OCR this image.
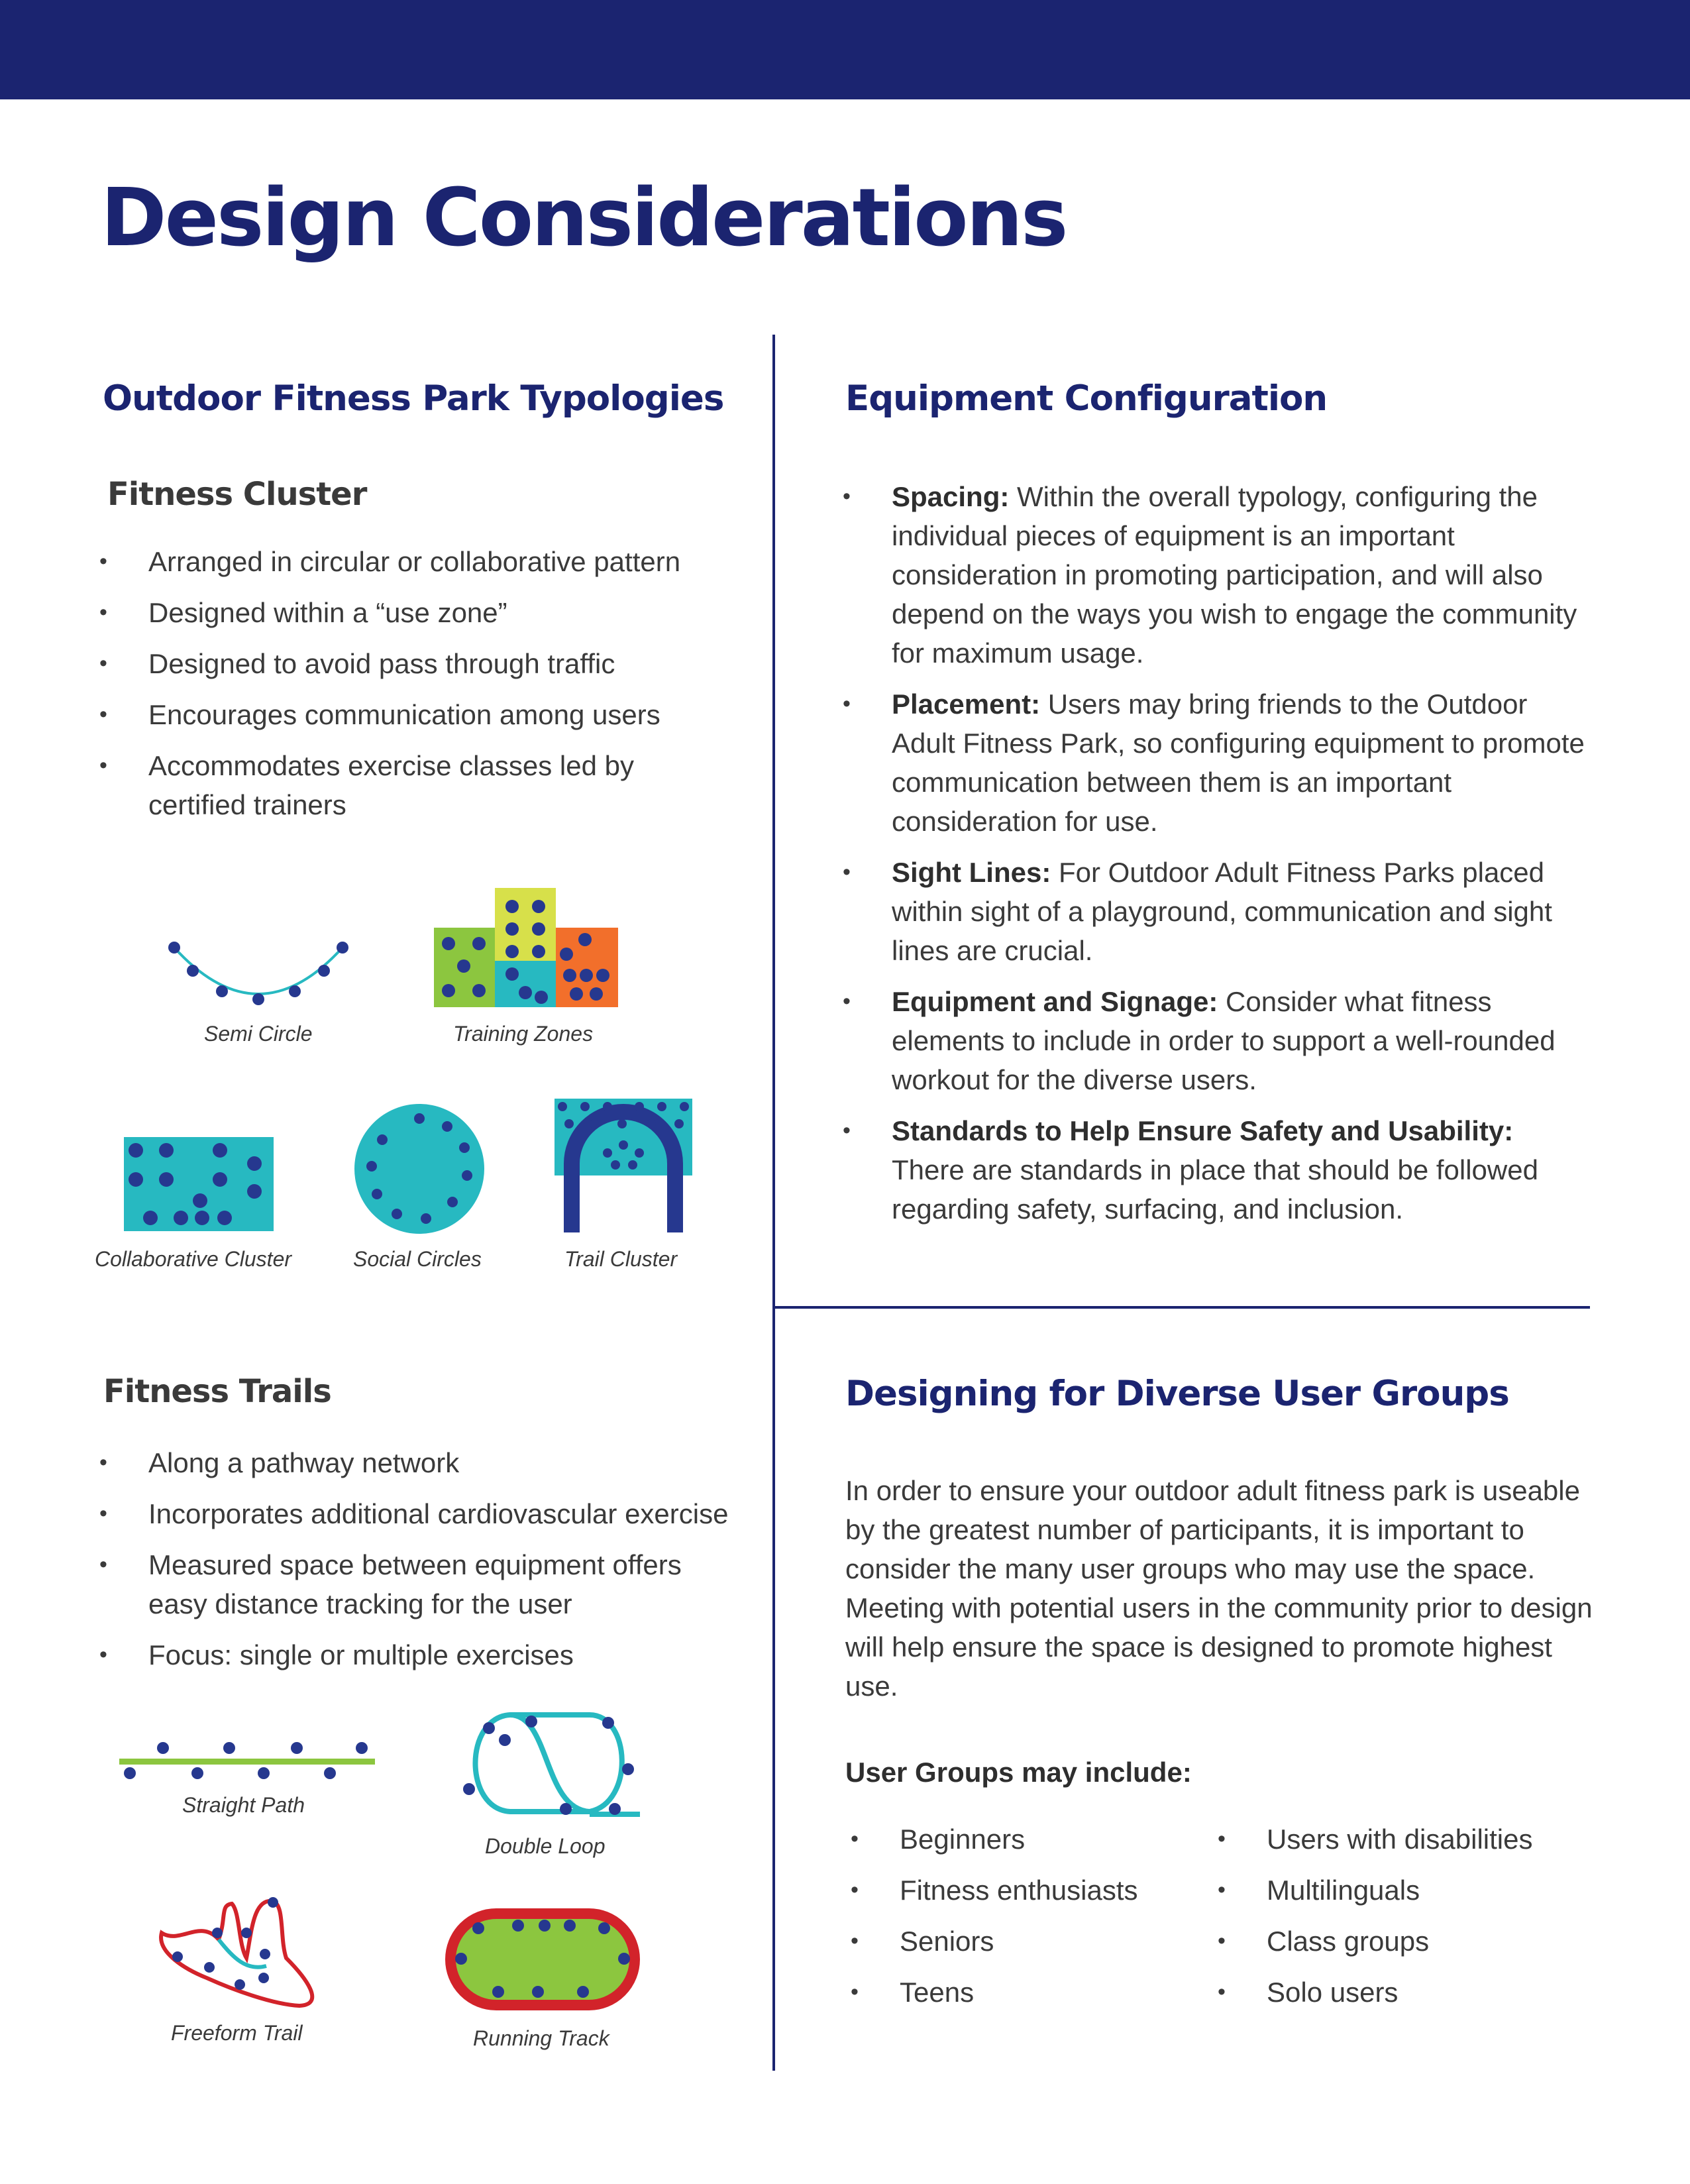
Design Considerations
Outdoor Fitness Park Typologies
Fitness Cluster
• Arranged in circular or collaborative pattern
• Designed within a “use zone”
• Designed to avoid pass through traffic
• Encourages communication among users
• Accommodates exercise classes led by certified trainers

Semi Circle	Training Zones

Collaborative Cluster	Social Circles	Trail Cluster

Fitness Trails
• Along a pathway network
• Incorporates additional cardiovascular exercise
• Measured space between equipment offers easy distance tracking for the user
• Focus: single or multiple exercises

Straight Path

Double Loop

Freeform Trail	Running Track

Equipment Configuration
• Spacing: Within the overall typology, configuring the individual pieces of equipment is an important consideration in promoting participation, and will also depend on the ways you wish to engage the community for maximum usage.
• Placement: Users may bring friends to the Outdoor Adult Fitness Park, so configuring equipment to promote communication between them is an important consideration for use.
• Sight Lines: For Outdoor Adult Fitness Parks placed within sight of a playground, communication and sight lines are crucial.
• Equipment and Signage: Consider what fitness elements to include in order to support a well-rounded workout for the diverse users.
• Standards to Help Ensure Safety and Usability: There are standards in place that should be followed regarding safety, surfacing, and inclusion.
Designing for Diverse User Groups

In order to ensure your outdoor adult fitness park is useable by the greatest number of participants, it is important to consider the many user groups who may use the space. Meeting with potential users in the community prior to design will help ensure the space is designed to promote highest use.

User Groups may include:

• Beginners
• Fitness enthusiasts
• Seniors
• Teens
• Users with disabilities
• Multilinguals
• Class groups
• Solo users
